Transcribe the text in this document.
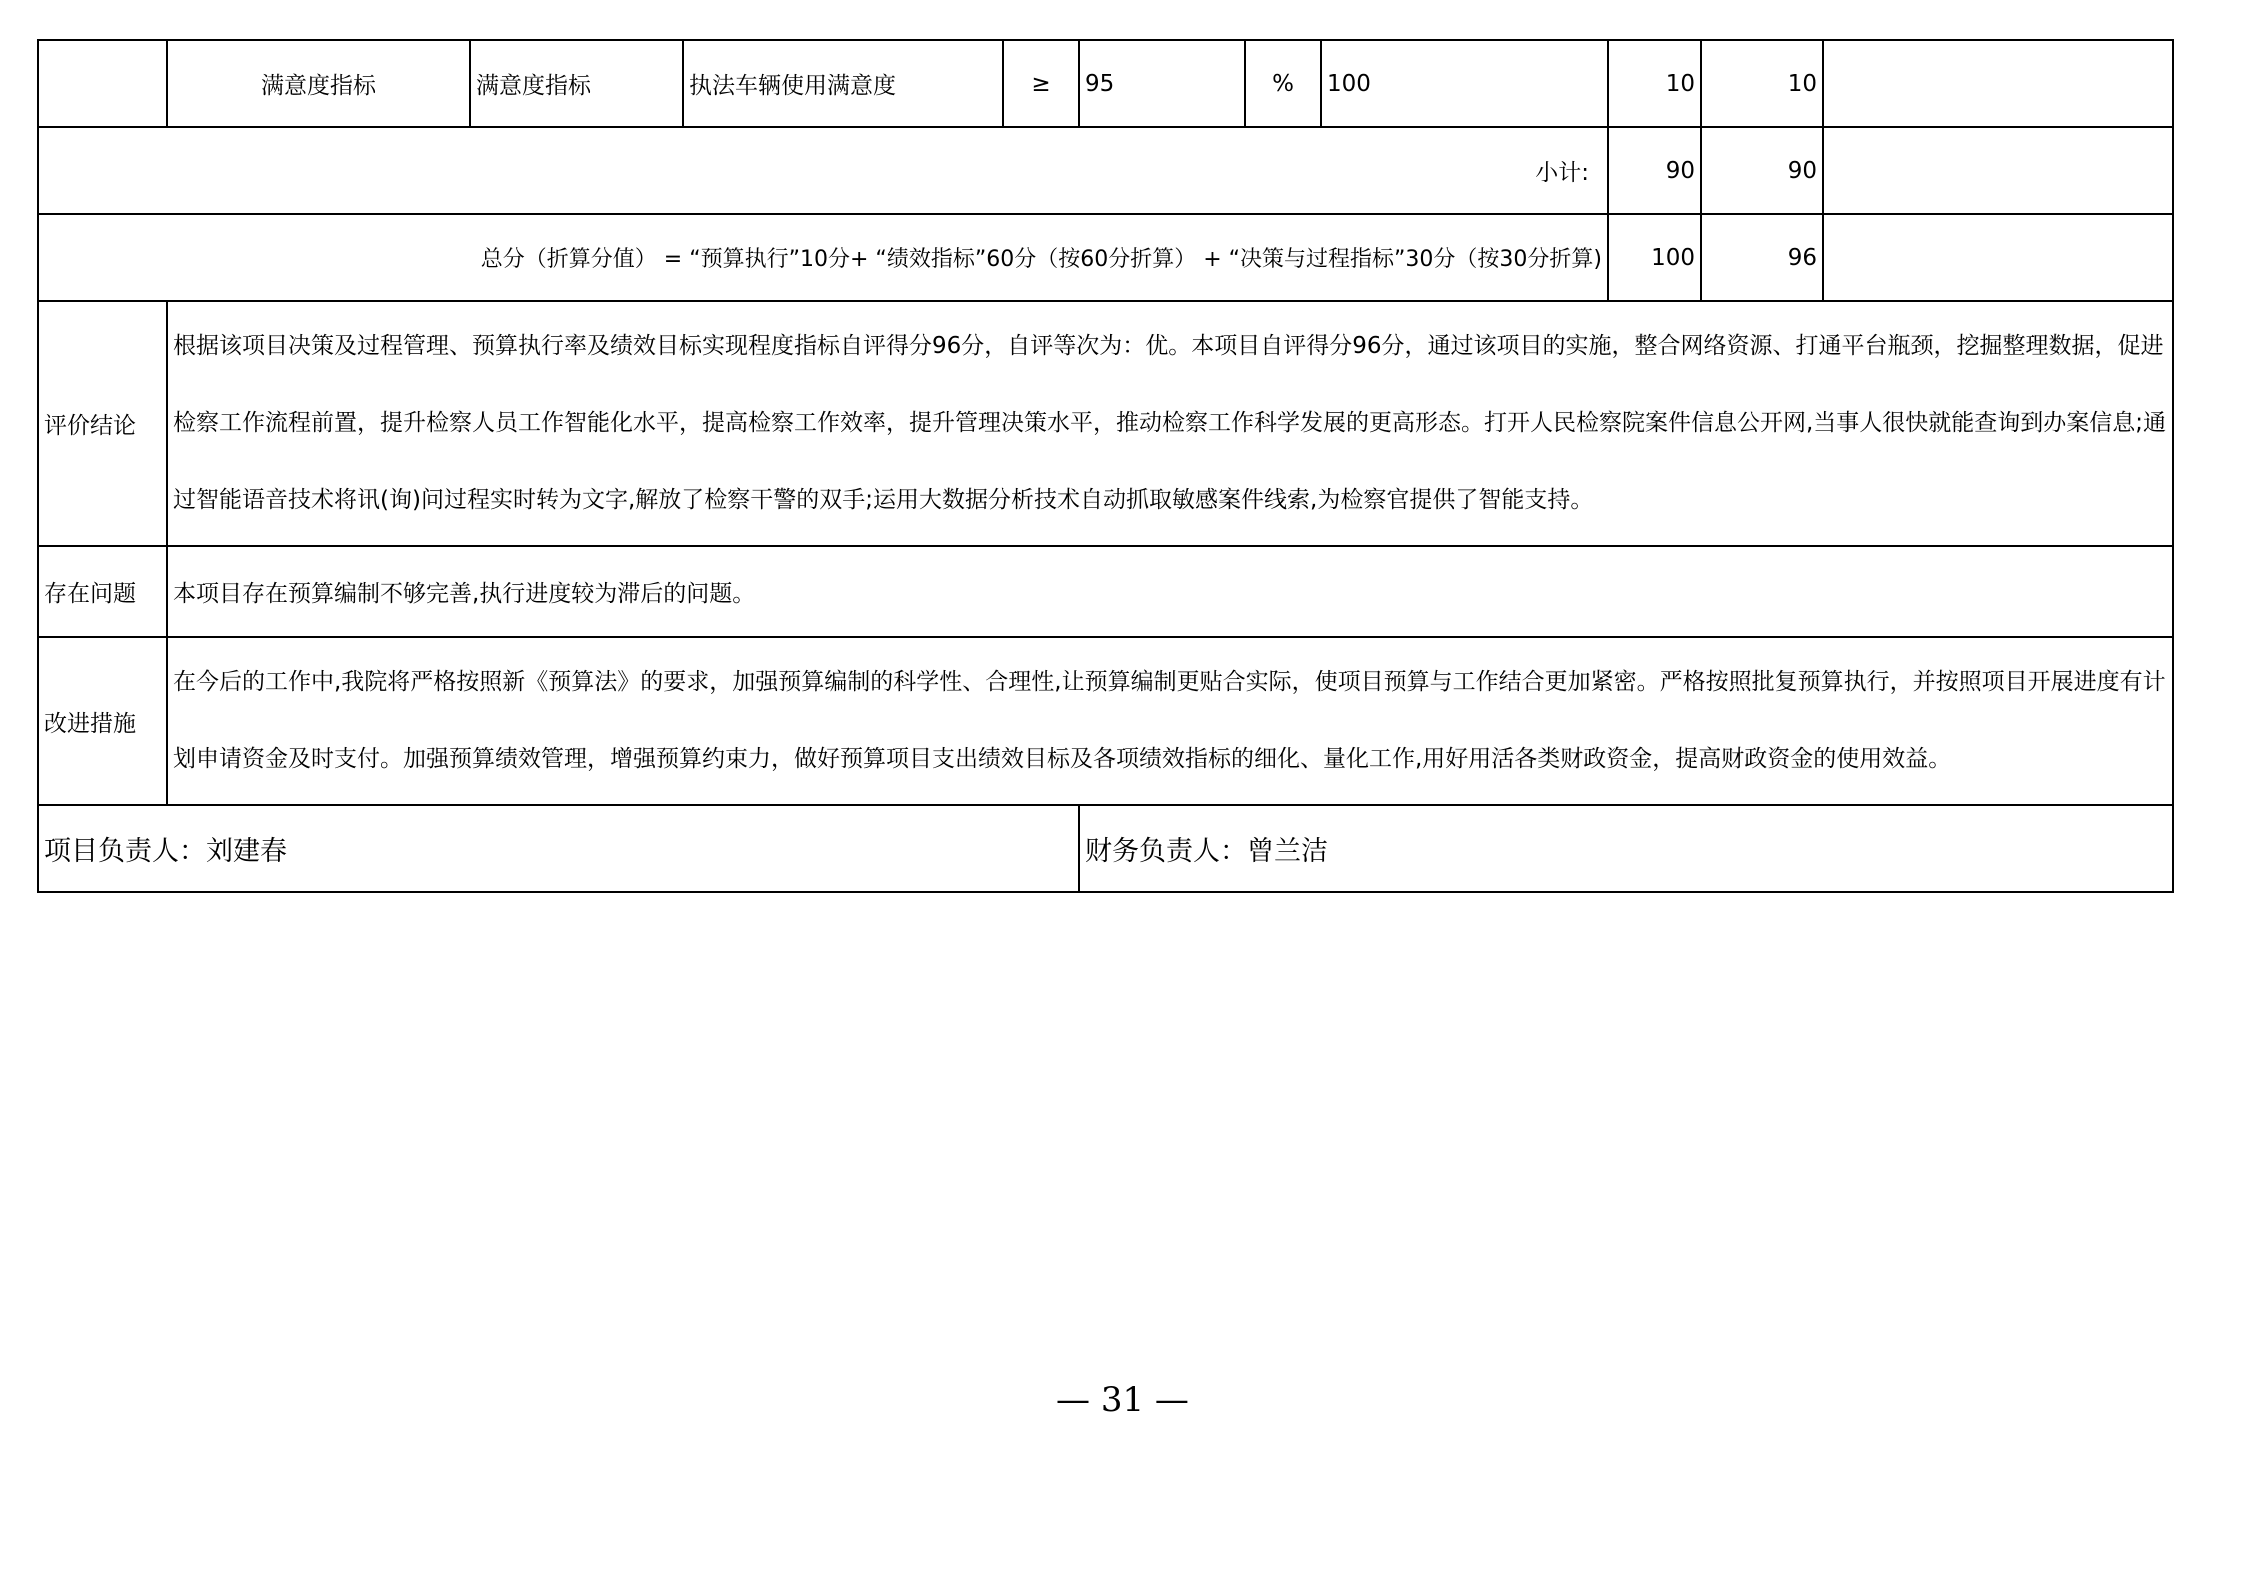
	满意度指标	满意度指标	执法车辆使用满意度	≥	95	%	100	10	10	
小计:								90	90	
总分（折算分值） = “预算执行”10分+ “绩效指标”60分（按60分折算） + “决策与过程指标”30分（按30分折算)								100	96	
评价结论	根据该项目决策及过程管理、预算执行率及绩效目标实现程度指标自评得分96分，自评等次为：优。本项目自评得分96分，通过该项目的实施，整合网络资源、打通平台瓶颈，挖掘整理数据，促进检察工作流程前置，提升检察人员工作智能化水平，提高检察工作效率，提升管理决策水平，推动检察工作科学发展的更高形态。打开人民检察院案件信息公开网,当事人很快就能查询到办案信息;通过智能语音技术将讯(询)问过程实时转为文字,解放了检察干警的双手;运用大数据分析技术自动抓取敏感案件线索,为检察官提供了智能支持。									
存在问题	本项目存在预算编制不够完善,执行进度较为滞后的问题。									
改进措施	在今后的工作中,我院将严格按照新《预算法》的要求，加强预算编制的科学性、合理性,让预算编制更贴合实际，使项目预算与工作结合更加紧密。严格按照批复预算执行，并按照项目开展进度有计划申请资金及时支付。加强预算绩效管理，增强预算约束力，做好预算项目支出绩效目标及各项绩效指标的细化、量化工作,用好用活各类财政资金，提高财政资金的使用效益。									
项目负责人：刘建春					财务负责人：曾兰洁					
— 31 —
